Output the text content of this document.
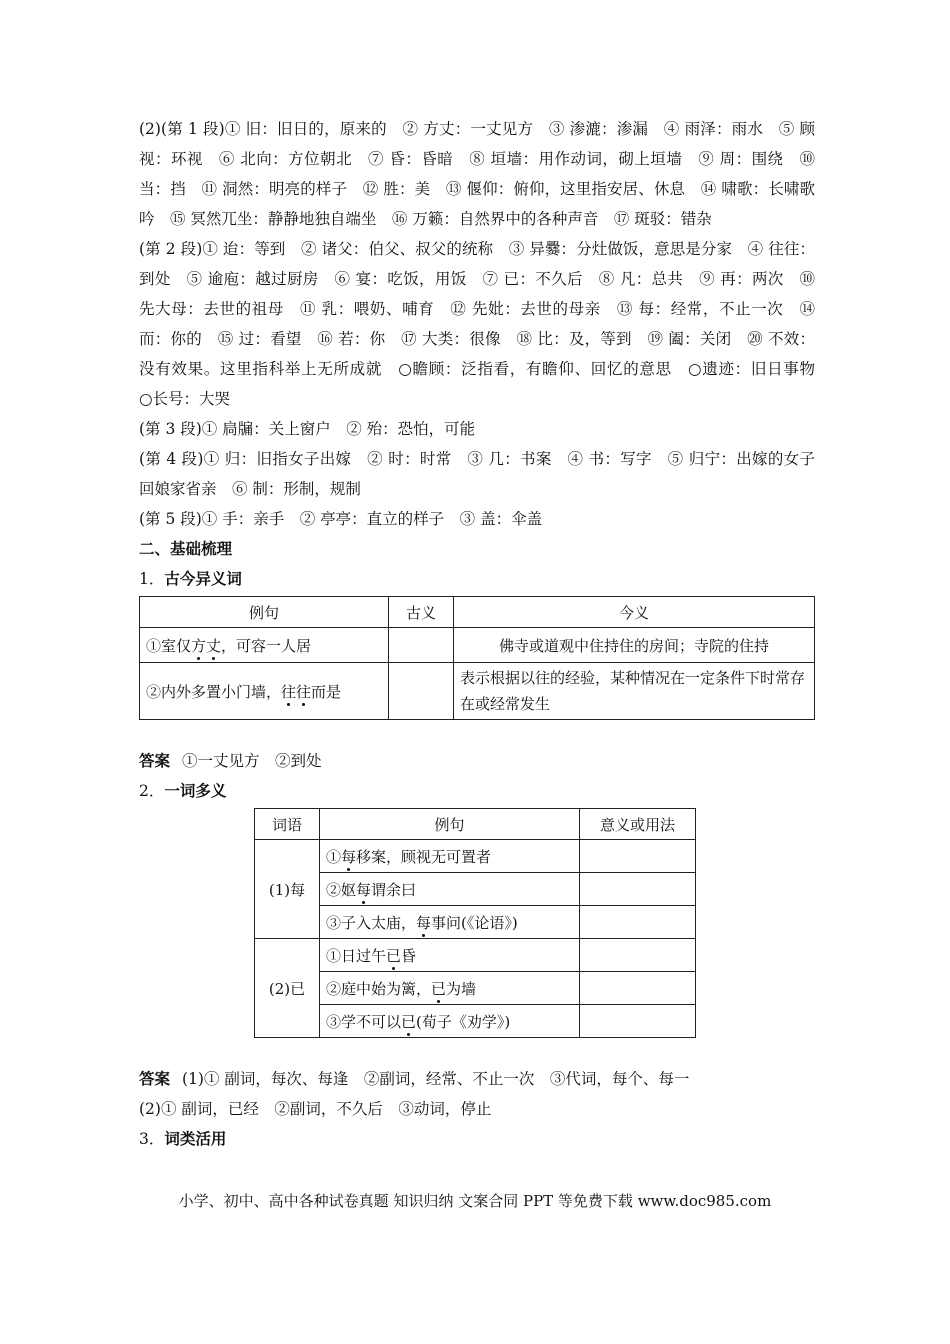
(2)(第 1 段)① 旧：旧日的，原来的　② 方丈：一丈见方　③ 渗漉：渗漏　④ 雨泽：雨水　⑤ 顾视：环视　⑥ 北向：方位朝北　⑦ 昏：昏暗　⑧ 垣墙：用作动词，砌上垣墙　⑨ 周：围绕　⑩ 当：挡　⑪ 洞然：明亮的样子　⑫ 胜：美　⑬ 偃仰：俯仰，这里指安居、休息　⑭ 啸歌：长啸歌吟　⑮ 冥然兀坐：静静地独自端坐　⑯ 万籁：自然界中的各种声音　⑰ 斑驳：错杂

(第 2 段)① 迨：等到　② 诸父：伯父、叔父的统称　③ 异爨：分灶做饭，意思是分家　④ 往往：到处　⑤ 逾庖：越过厨房　⑥ 宴：吃饭，用饭　⑦ 已：不久后　⑧ 凡：总共　⑨ 再：两次　⑩ 先大母：去世的祖母　⑪ 乳：喂奶、哺育　⑫ 先妣：去世的母亲　⑬ 每：经常，不止一次　⑭ 而：你的　⑮ 过：看望　⑯ 若：你　⑰ 大类：很像　⑱ 比：及，等到　⑲ 阖：关闭　⑳ 不效：没有效果。这里指科举上无所成就　○瞻顾：泛指看，有瞻仰、回忆的意思　○遗迹：旧日事物　○长号：大哭

(第 3 段)① 扃牖：关上窗户　② 殆：恐怕，可能

(第 4 段)① 归：旧指女子出嫁　② 时：时常　③ 几：书案　④ 书：写字　⑤ 归宁：出嫁的女子回娘家省亲　⑥ 制：形制，规制

(第 5 段)① 手：亲手　② 亭亭：直立的样子　③ 盖：伞盖

二、基础梳理

1．古今异义词

例句	古义	今义
①室仅方丈，可容一人居		佛寺或道观中住持住的房间；寺院的住持
②内外多置小门墙，往往而是		表示根据以往的经验，某种情况在一定条件下时常存在或经常发生

答案 ①一丈见方　②到处

2．一词多义

词语	例句	意义或用法
(1)每	①每移案，顾视无可置者	
	②妪每谓余曰	
	③子入太庙，每事问(《论语》)	
(2)已	①日过午已昏	
	②庭中始为篱，已为墙	
	③学不可以已(荀子《劝学》)	

答案 (1)① 副词，每次、每逢　②副词，经常、不止一次　③代词，每个、每一

(2)① 副词，已经　②副词，不久后　③动词，停止

3．词类活用

小学、初中、高中各种试卷真题 知识归纳 文案合同 PPT 等免费下载 www.doc985.com
